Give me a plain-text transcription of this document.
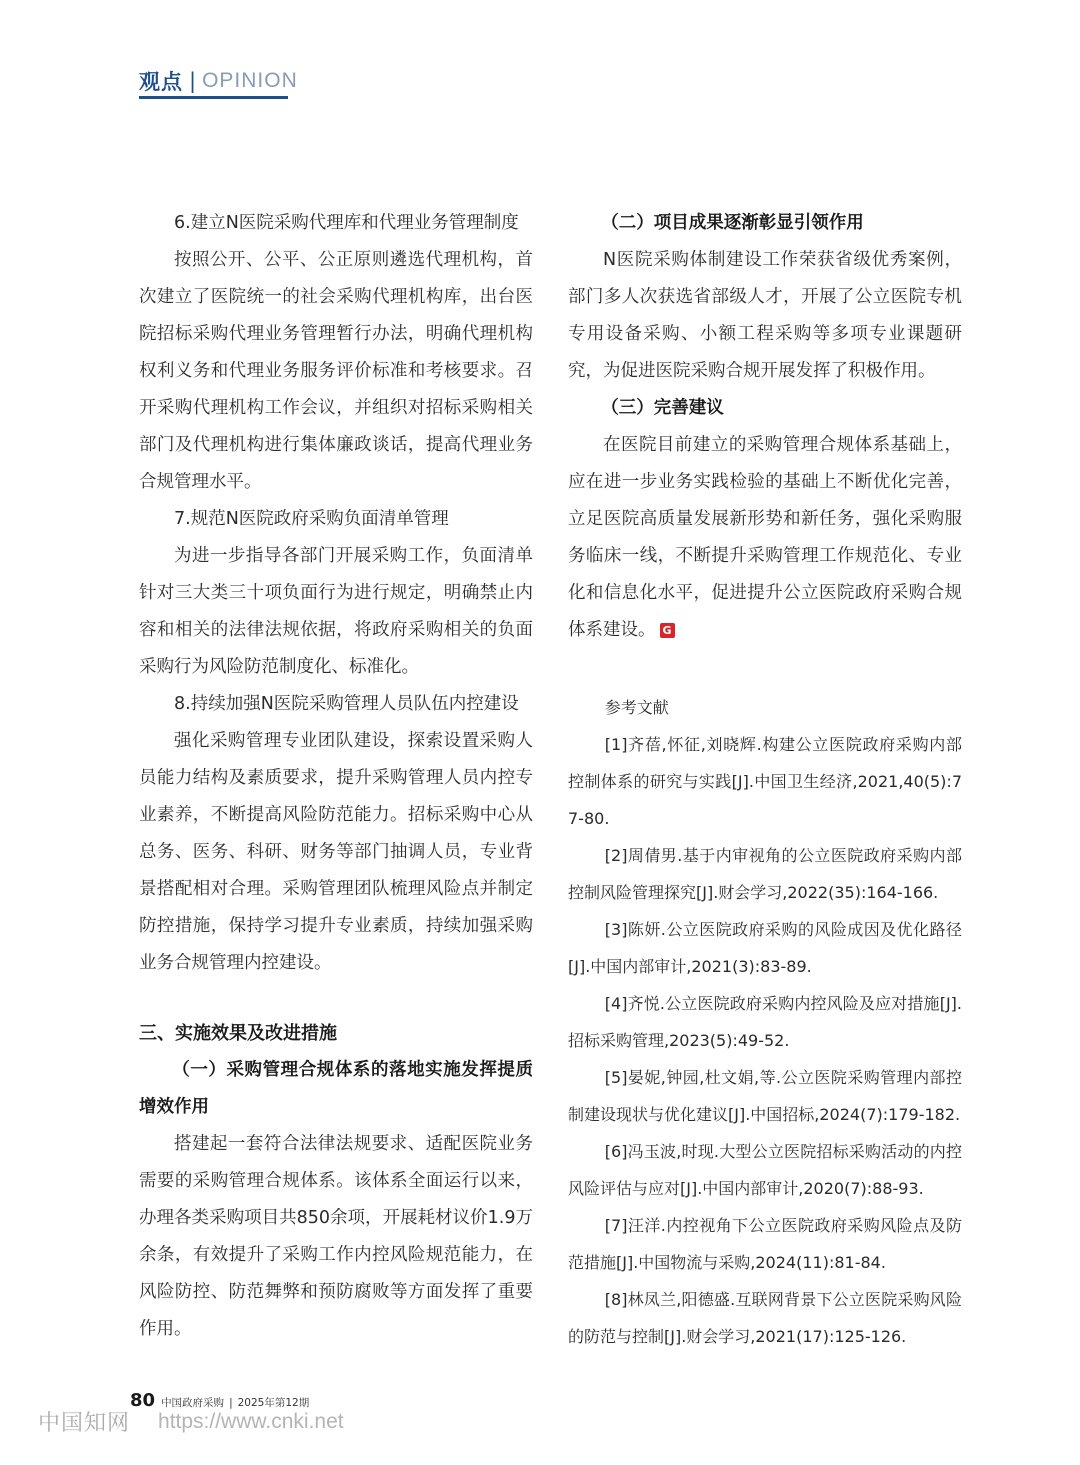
观点 | OPINION

6.建立N医院采购代理库和代理业务管理制度

按照公开、公平、公正原则遴选代理机构，首次建立了医院统一的社会采购代理机构库，出台医院招标采购代理业务管理暂行办法，明确代理机构权利义务和代理业务服务评价标准和考核要求。召开采购代理机构工作会议，并组织对招标采购相关部门及代理机构进行集体廉政谈话，提高代理业务合规管理水平。

7.规范N医院政府采购负面清单管理

为进一步指导各部门开展采购工作，负面清单针对三大类三十项负面行为进行规定，明确禁止内容和相关的法律法规依据，将政府采购相关的负面采购行为风险防范制度化、标准化。

8.持续加强N医院采购管理人员队伍内控建设

强化采购管理专业团队建设，探索设置采购人员能力结构及素质要求，提升采购管理人员内控专业素养，不断提高风险防范能力。招标采购中心从总务、医务、科研、财务等部门抽调人员，专业背景搭配相对合理。采购管理团队梳理风险点并制定防控措施，保持学习提升专业素质，持续加强采购业务合规管理内控建设。

三、实施效果及改进措施

（一）采购管理合规体系的落地实施发挥提质增效作用

搭建起一套符合法律法规要求、适配医院业务需要的采购管理合规体系。该体系全面运行以来，办理各类采购项目共850余项，开展耗材议价1.9万余条，有效提升了采购工作内控风险规范能力，在风险防控、防范舞弊和预防腐败等方面发挥了重要作用。

（二）项目成果逐渐彰显引领作用

N医院采购体制建设工作荣获省级优秀案例，部门多人次获选省部级人才，开展了公立医院专机专用设备采购、小额工程采购等多项专业课题研究，为促进医院采购合规开展发挥了积极作用。

（三）完善建议

在医院目前建立的采购管理合规体系基础上，应在进一步业务实践检验的基础上不断优化完善，立足医院高质量发展新形势和新任务，强化采购服务临床一线，不断提升采购管理工作规范化、专业化和信息化水平，促进提升公立医院政府采购合规体系建设。 G

参考文献

[1]齐蓓,怀征,刘晓辉.构建公立医院政府采购内部控制体系的研究与实践[J].中国卫生经济,2021,40(5):77-80.

[2]周倩男.基于内审视角的公立医院政府采购内部控制风险管理探究[J].财会学习,2022(35):164-166.

[3]陈妍.公立医院政府采购的风险成因及优化路径[J].中国内部审计,2021(3):83-89.

[4]齐悦.公立医院政府采购内控风险及应对措施[J].招标采购管理,2023(5):49-52.

[5]晏妮,钟园,杜文娟,等.公立医院采购管理内部控制建设现状与优化建议[J].中国招标,2024(7):179-182.

[6]冯玉波,时现.大型公立医院招标采购活动的内控风险评估与应对[J].中国内部审计,2020(7):88-93.

[7]汪洋.内控视角下公立医院政府采购风险点及防范措施[J].中国物流与采购,2024(11):81-84.

[8]林凤兰,阳德盛.互联网背景下公立医院采购风险的防范与控制[J].财会学习,2021(17):125-126.

80 中国政府采购 | 2025年第12期
中国知网 https://www.cnki.net
